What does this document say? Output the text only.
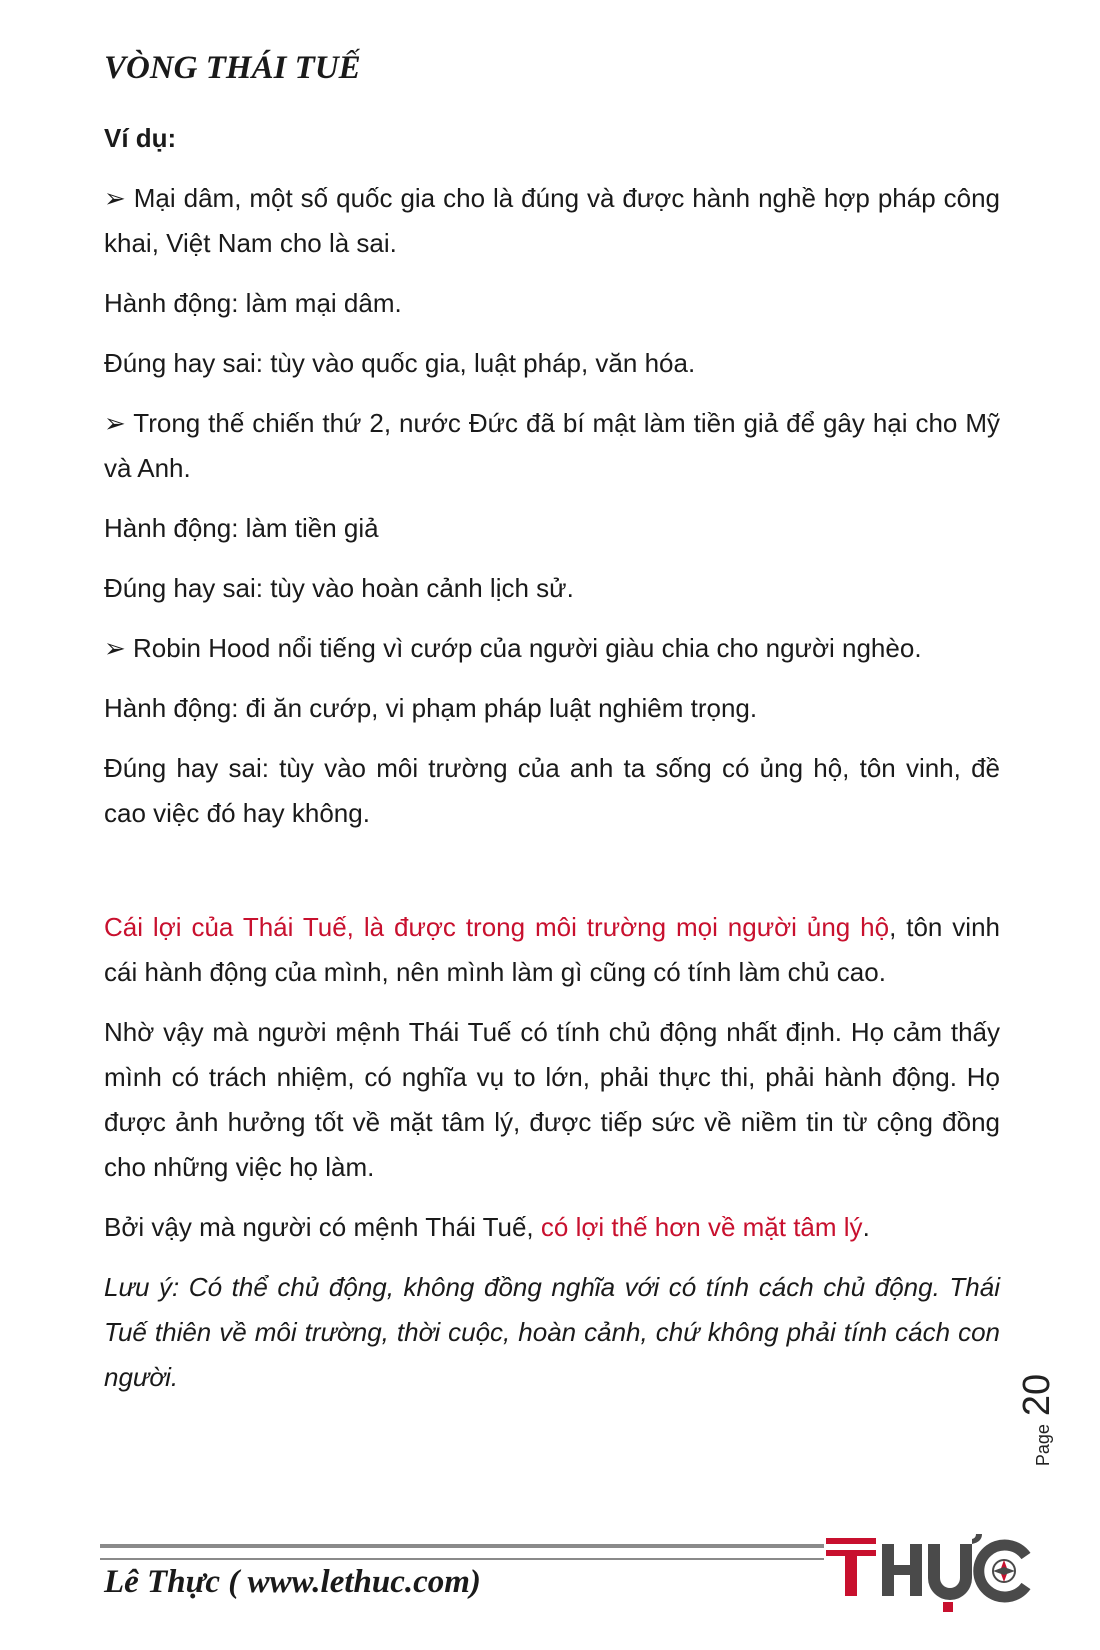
VÒNG THÁI TUẾ

Ví dụ:

➢ Mại dâm, một số quốc gia cho là đúng và được hành nghề hợp pháp công khai, Việt Nam cho là sai.

Hành động: làm mại dâm.

Đúng hay sai: tùy vào quốc gia, luật pháp, văn hóa.

➢ Trong thế chiến thứ 2, nước Đức đã bí mật làm tiền giả để gây hại cho Mỹ và Anh.

Hành động: làm tiền giả

Đúng hay sai: tùy vào hoàn cảnh lịch sử.

➢ Robin Hood nổi tiếng vì cướp của người giàu chia cho người nghèo.

Hành động: đi ăn cướp, vi phạm pháp luật nghiêm trọng.

Đúng hay sai: tùy vào môi trường của anh ta sống có ủng hộ, tôn vinh, đề cao việc đó hay không.

Cái lợi của Thái Tuế, là được trong môi trường mọi người ủng hộ, tôn vinh cái hành động của mình, nên mình làm gì cũng có tính làm chủ cao.

Nhờ vậy mà người mệnh Thái Tuế có tính chủ động nhất định. Họ cảm thấy mình có trách nhiệm, có nghĩa vụ to lớn, phải thực thi, phải hành động. Họ được ảnh hưởng tốt về mặt tâm lý, được tiếp sức về niềm tin từ cộng đồng cho những việc họ làm.

Bởi vậy mà người có mệnh Thái Tuế, có lợi thế hơn về mặt tâm lý.

Lưu ý: Có thể chủ động, không đồng nghĩa với có tính cách chủ động. Thái Tuế thiên về môi trường, thời cuộc, hoàn cảnh, chứ không phải tính cách con người.

Page
20
Lê Thực ( www.lethuc.com)
